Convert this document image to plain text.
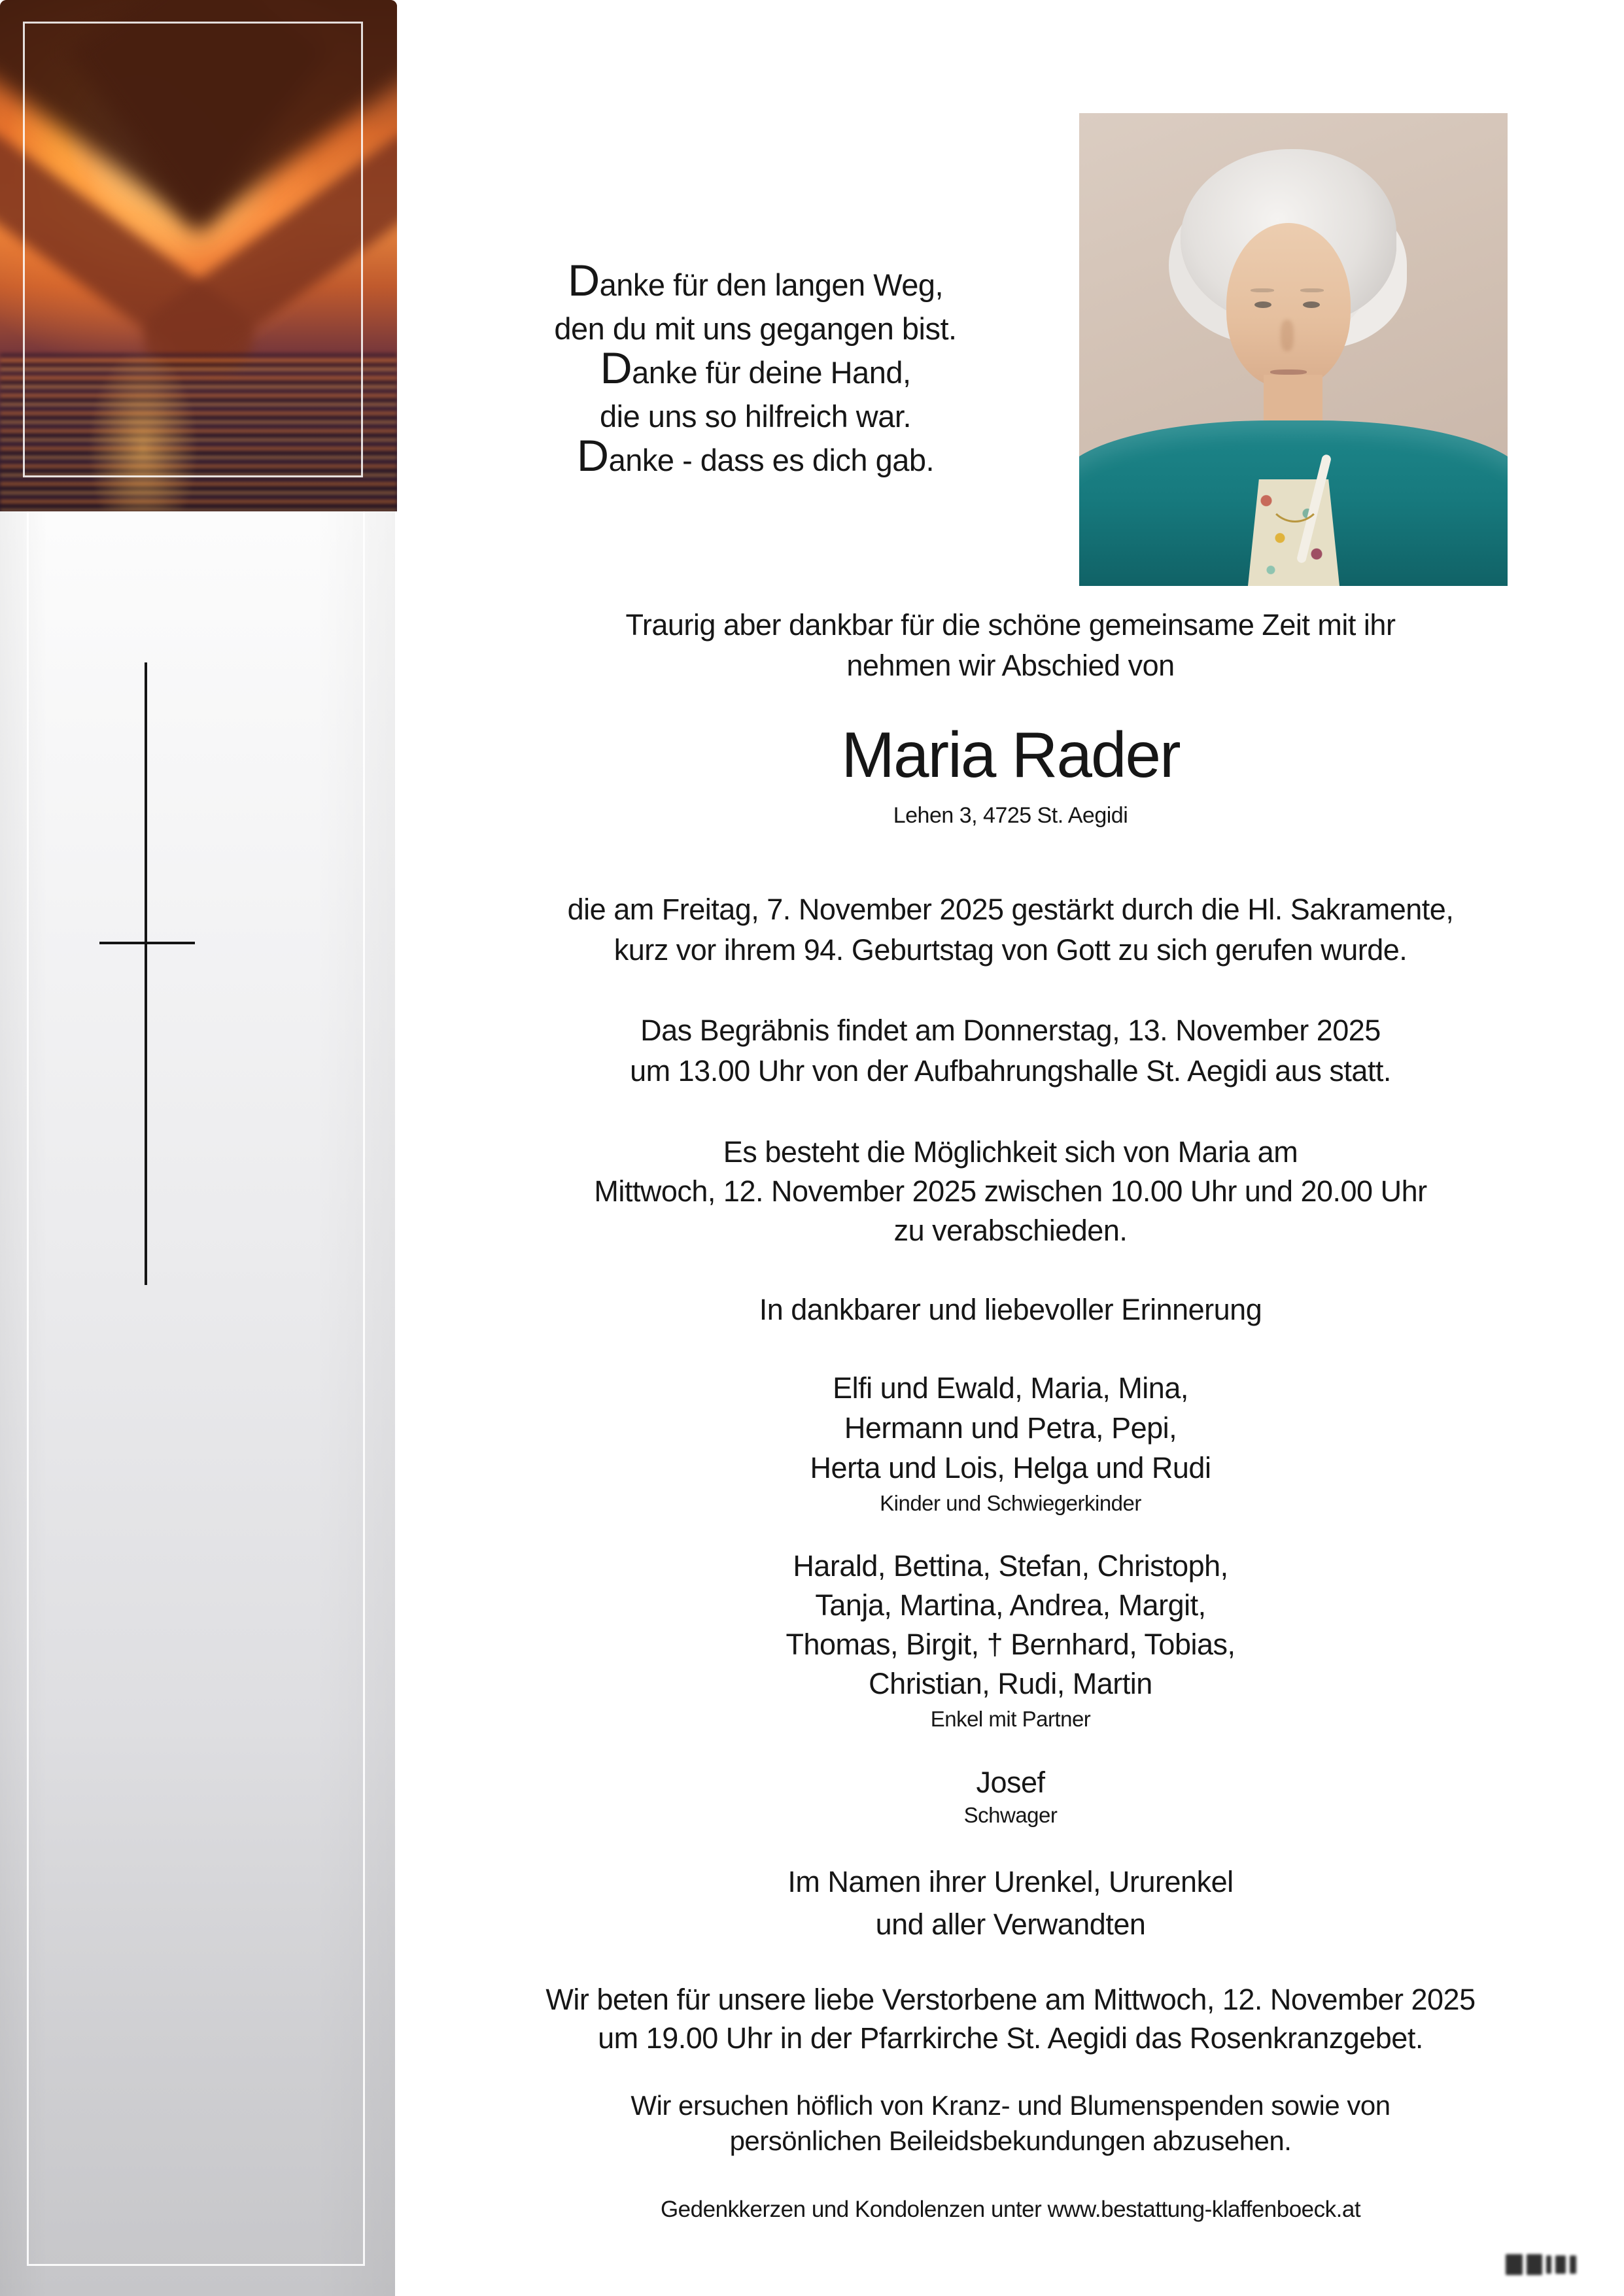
Danke für den langen Weg,
den du mit uns gegangen bist.
Danke für deine Hand,
die uns so hilfreich war.
Danke - dass es dich gab.
Traurig aber dankbar für die schöne gemeinsame Zeit mit ihr
nehmen wir Abschied von
Maria Rader
Lehen 3, 4725 St. Aegidi
die am Freitag, 7. November 2025 gestärkt durch die Hl. Sakramente,
kurz vor ihrem 94. Geburtstag von Gott zu sich gerufen wurde.
Das Begräbnis findet am Donnerstag, 13. November 2025
um 13.00 Uhr von der Aufbahrungshalle St. Aegidi aus statt.
Es besteht die Möglichkeit sich von Maria am
Mittwoch, 12. November 2025 zwischen 10.00 Uhr und 20.00 Uhr
zu verabschieden.
In dankbarer und liebevoller Erinnerung
Elfi und Ewald, Maria, Mina,
Hermann und Petra, Pepi,
Herta und Lois, Helga und Rudi
Kinder und Schwiegerkinder
Harald, Bettina, Stefan, Christoph,
Tanja, Martina, Andrea, Margit,
Thomas, Birgit, † Bernhard, Tobias,
Christian, Rudi, Martin
Enkel mit Partner
Josef
Schwager
Im Namen ihrer Urenkel, Ururenkel
und aller Verwandten
Wir beten für unsere liebe Verstorbene am Mittwoch, 12. November 2025
um 19.00 Uhr in der Pfarrkirche St. Aegidi das Rosenkranzgebet.
Wir ersuchen höflich von Kranz- und Blumenspenden sowie von
persönlichen Beileidsbekundungen abzusehen.
Gedenkkerzen und Kondolenzen unter www.bestattung-klaffenboeck.at
